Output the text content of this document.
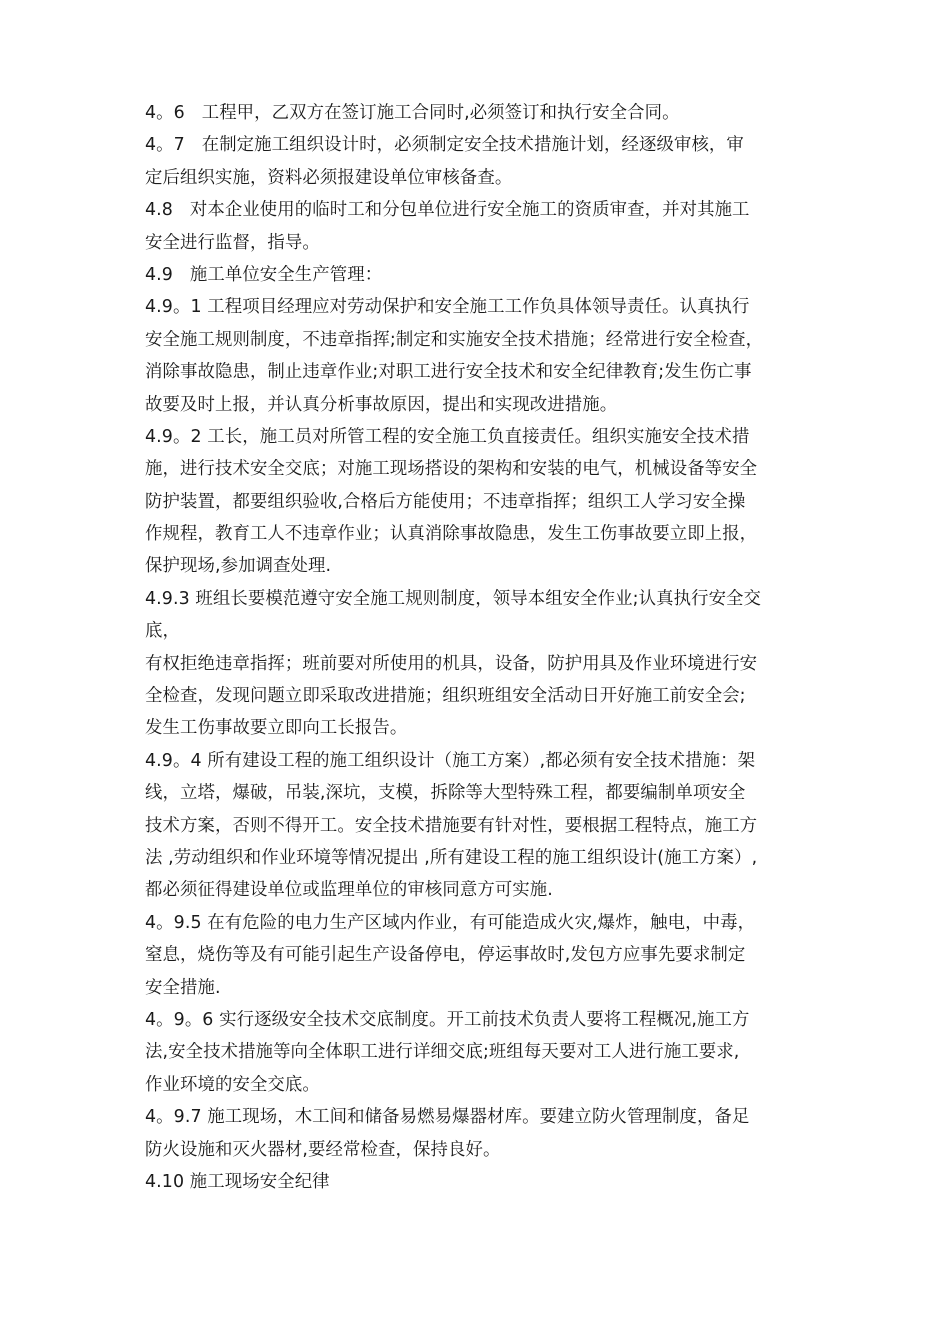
4。6   工程甲，乙双方在签订施工合同时,必须签订和执行安全合同。
4。7   在制定施工组织设计时，必须制定安全技术措施计划，经逐级审核，审
定后组织实施，资料必须报建设单位审核备查。
4.8   对本企业使用的临时工和分包单位进行安全施工的资质审查，并对其施工
安全进行监督，指导。
4.9   施工单位安全生产管理：
4.9。1 工程项目经理应对劳动保护和安全施工工作负具体领导责任。认真执行
安全施工规则制度，不违章指挥;制定和实施安全技术措施；经常进行安全检查，
消除事故隐患，制止违章作业;对职工进行安全技术和安全纪律教育;发生伤亡事
故要及时上报，并认真分析事故原因，提出和实现改进措施。
4.9。2 工长，施工员对所管工程的安全施工负直接责任。组织实施安全技术措
施，进行技术安全交底；对施工现场搭设的架构和安装的电气，机械设备等安全
防护装置，都要组织验收,合格后方能使用；不违章指挥；组织工人学习安全操
作规程，教育工人不违章作业；认真消除事故隐患，发生工伤事故要立即上报，
保护现场,参加调查处理.
4.9.3 班组长要模范遵守安全施工规则制度，领导本组安全作业;认真执行安全交
底，
有权拒绝违章指挥；班前要对所使用的机具，设备，防护用具及作业环境进行安
全检查，发现问题立即采取改进措施；组织班组安全活动日开好施工前安全会;
发生工伤事故要立即向工长报告。
4.9。4 所有建设工程的施工组织设计（施工方案）,都必须有安全技术措施：架
线，立塔，爆破，吊装,深坑，支模，拆除等大型特殊工程，都要编制单项安全
技术方案，否则不得开工。安全技术措施要有针对性，要根据工程特点，施工方
法 ,劳动组织和作业环境等情况提出 ,所有建设工程的施工组织设计(施工方案）,
都必须征得建设单位或监理单位的审核同意方可实施.
4。9.5 在有危险的电力生产区域内作业，有可能造成火灾,爆炸，触电，中毒，
窒息，烧伤等及有可能引起生产设备停电，停运事故时,发包方应事先要求制定
安全措施.
4。9。6 实行逐级安全技术交底制度。开工前技术负责人要将工程概况,施工方
法,安全技术措施等向全体职工进行详细交底;班组每天要对工人进行施工要求,
作业环境的安全交底。
4。9.7 施工现场，木工间和储备易燃易爆器材库。要建立防火管理制度，备足
防火设施和灭火器材,要经常检查，保持良好。
4.10 施工现场安全纪律
